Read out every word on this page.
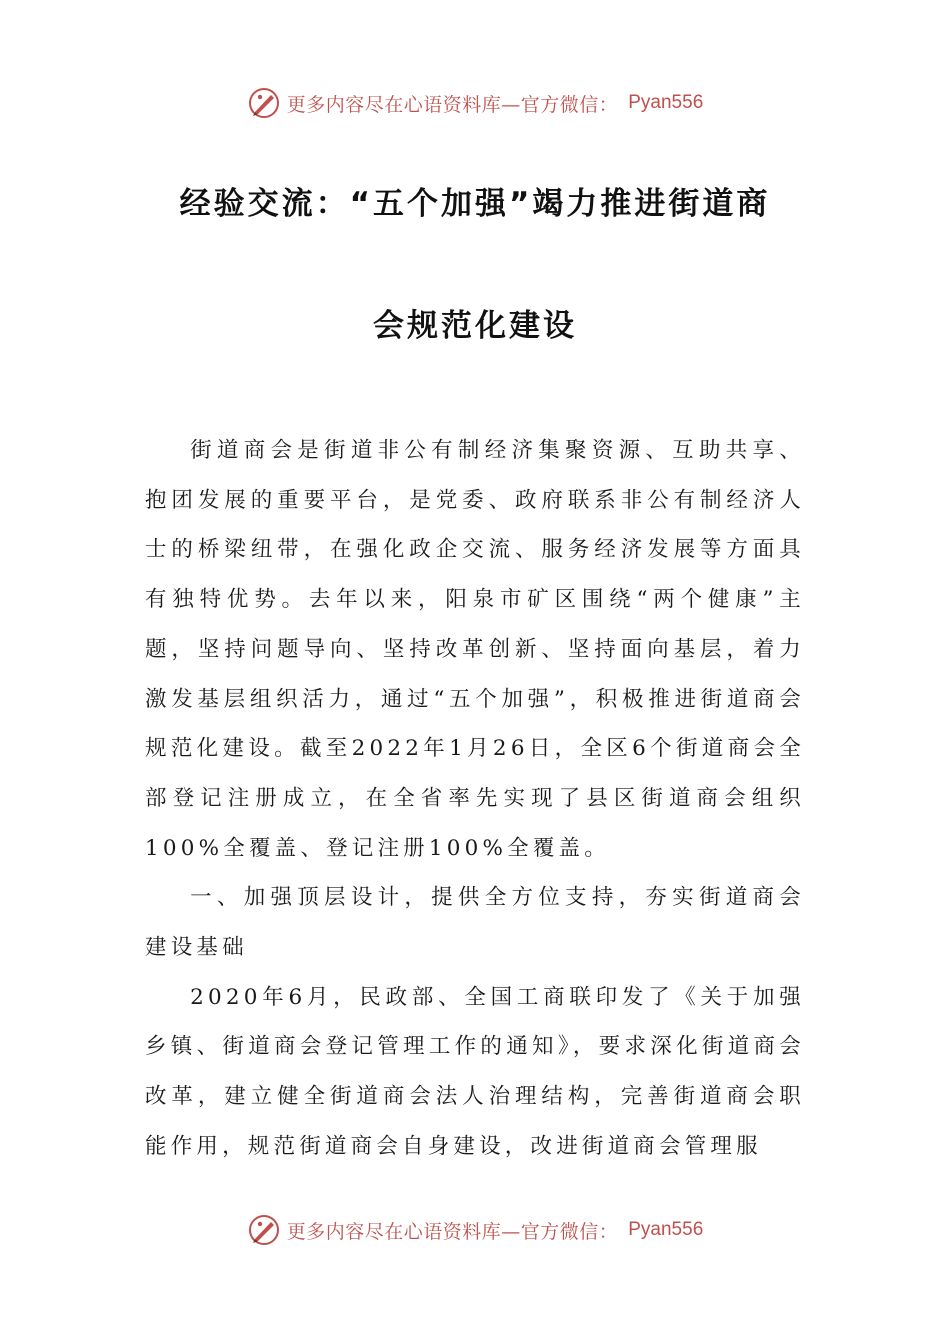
更多内容尽在心语资料库—官方微信： Pyan556
经验交流：“五个加强”竭力推进街道商
会规范化建设

街道商会是街道非公有制经济集聚资源、互助共享、抱团发展的重要平台，是党委、政府联系非公有制经济人士的桥梁纽带，在强化政企交流、服务经济发展等方面具有独特优势。去年以来，阳泉市矿区围绕“两个健康”主题，坚持问题导向、坚持改革创新、坚持面向基层，着力激发基层组织活力，通过“五个加强”，积极推进街道商会规范化建设。截至2022年1月26日，全区6个街道商会全部登记注册成立，在全省率先实现了县区街道商会组织100%全覆盖、登记注册100%全覆盖。

一、加强顶层设计，提供全方位支持，夯实街道商会建设基础

2020年6月，民政部、全国工商联印发了《关于加强乡镇、街道商会登记管理工作的通知》，要求深化街道商会改革，建立健全街道商会法人治理结构，完善街道商会职能作用，规范街道商会自身建设，改进街道商会管理服

更多内容尽在心语资料库—官方微信： Pyan556
